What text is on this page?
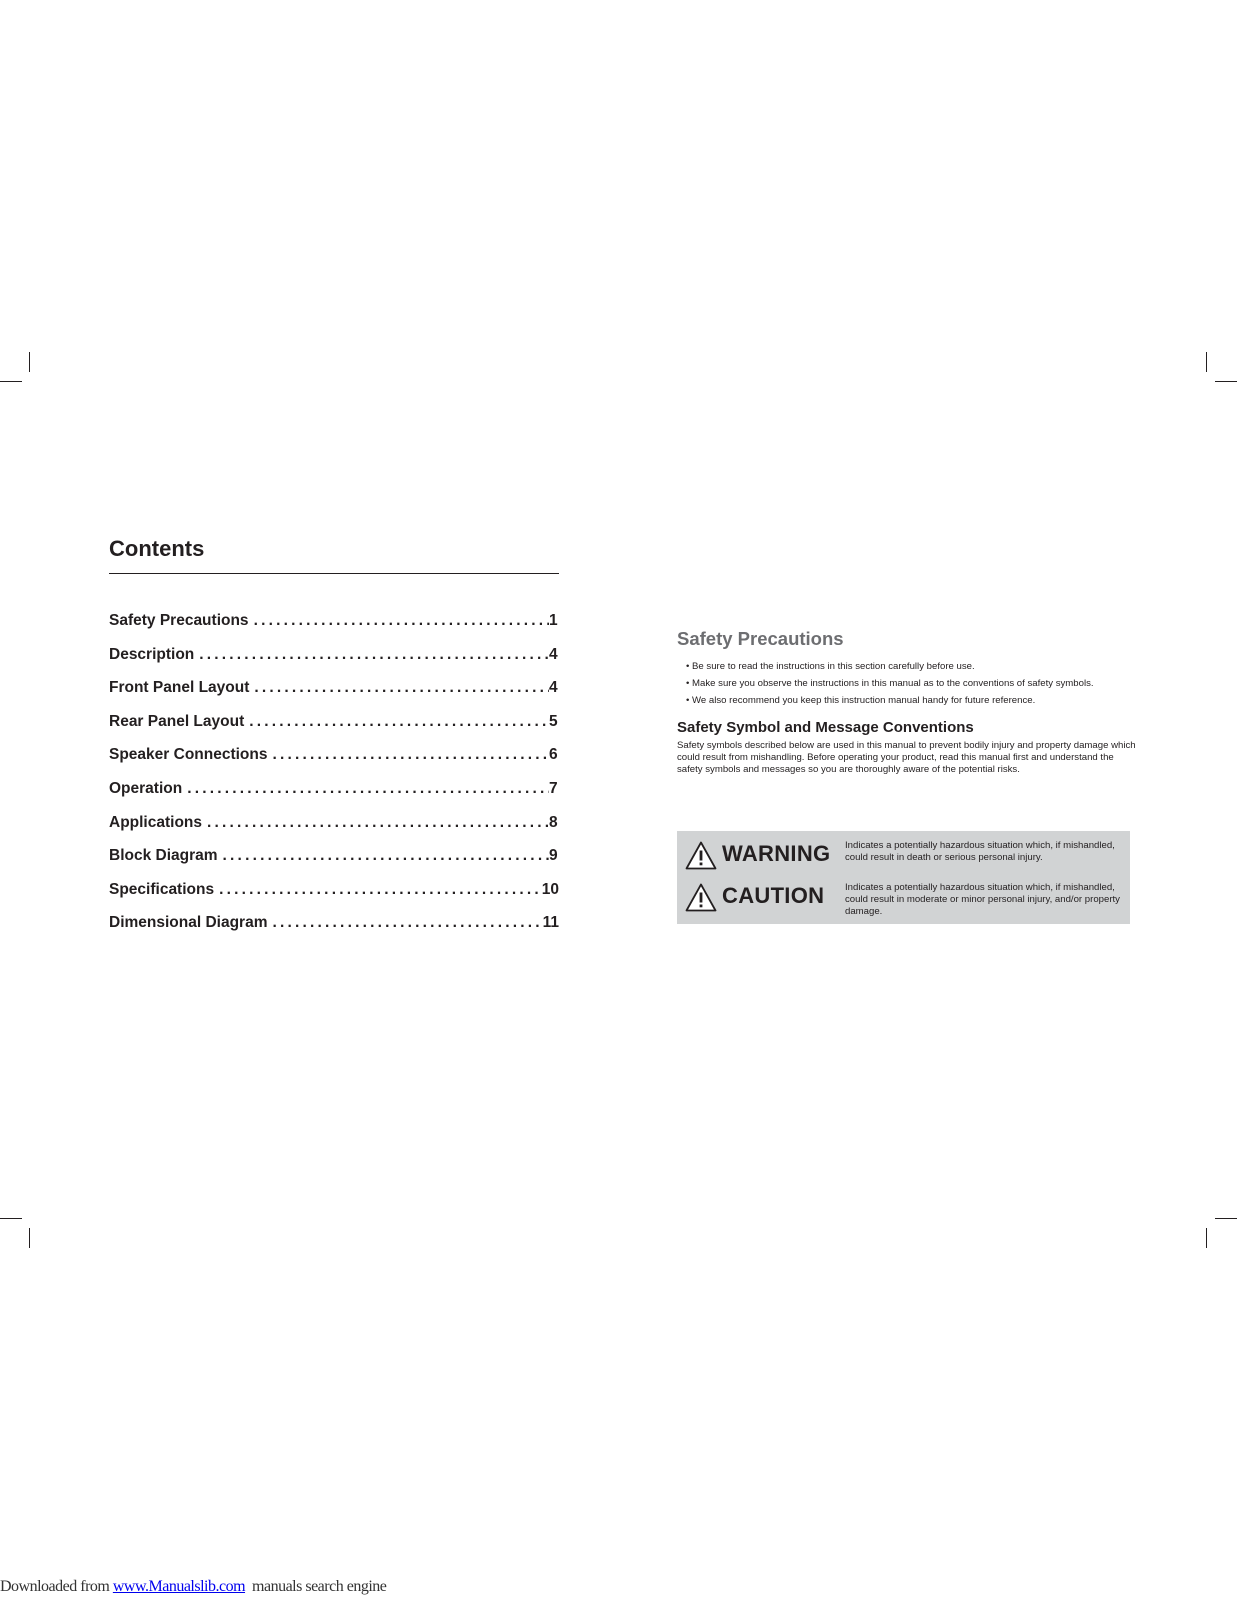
Contents
Safety Precautions .....	1
Description .....	4
Front Panel Layout .....	4
Rear Panel Layout .....	5
Speaker Connections .....	6
Operation .....	7
Applications .....	8
Block Diagram .....	9
Specifications .....	10
Dimensional Diagram .....	11
Safety Precautions
• Be sure to read the instructions in this section carefully before use.
• Make sure you observe the instructions in this manual as to the conventions of safety symbols.
• We also recommend you keep this instruction manual handy for future reference.
Safety Symbol and Message Conventions

Safety symbols described below are used in this manual to prevent bodily injury and property damage which could result from mishandling. Before operating your product, read this manual first and understand the safety symbols and messages so you are thoroughly aware of the potential risks.

WARNING Indicates a potentially hazardous situation which, if mishandled, could result in death or serious personal injury.
CAUTION Indicates a potentially hazardous situation which, if mishandled, could result in moderate or minor personal injury, and/or property damage.
Downloaded from www.Manualslib.com  manuals search engine
